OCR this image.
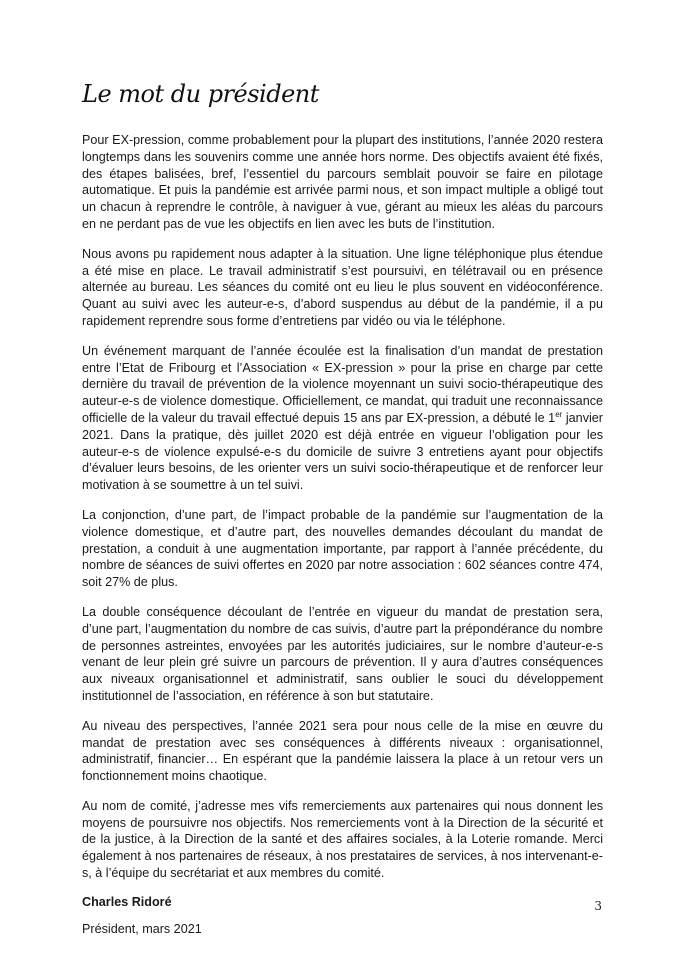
Le mot du président

Pour EX-pression, comme probablement pour la plupart des institutions, l’année 2020 restera longtemps dans les souvenirs comme une année hors norme. Des objectifs avaient été fixés, des étapes balisées, bref, l’essentiel du parcours semblait pouvoir se faire en pilotage automatique. Et puis la pandémie est arrivée parmi nous, et son impact multiple a obligé tout un chacun à reprendre le contrôle, à naviguer à vue, gérant au mieux les aléas du parcours en ne perdant pas de vue les objectifs en lien avec les buts de l’institution.

Nous avons pu rapidement nous adapter à la situation. Une ligne téléphonique plus étendue a été mise en place. Le travail administratif s’est poursuivi, en télétravail ou en présence alternée au bureau. Les séances du comité ont eu lieu le plus souvent en vidéoconférence. Quant au suivi avec les auteur-e-s, d’abord suspendus au début de la pandémie, il a pu rapidement reprendre sous forme d’entretiens par vidéo ou via le téléphone.

Un événement marquant de l’année écoulée est la finalisation d’un mandat de prestation entre l’Etat de Fribourg et l’Association « EX-pression » pour la prise en charge par cette dernière du travail de prévention de la violence moyennant un suivi socio-thérapeutique des auteur-e-s de violence domestique. Officiellement, ce mandat, qui traduit une reconnaissance officielle de la valeur du travail effectué depuis 15 ans par EX-pression, a débuté le 1er janvier 2021. Dans la pratique, dès juillet 2020 est déjà entrée en vigueur l’obligation pour les auteur-e-s de violence expulsé-e-s du domicile de suivre 3 entretiens ayant pour objectifs d’évaluer leurs besoins, de les orienter vers un suivi socio-thérapeutique et de renforcer leur motivation à se soumettre à un tel suivi.

La conjonction, d’une part, de l’impact probable de la pandémie sur l’augmentation de la violence domestique, et d’autre part, des nouvelles demandes découlant du mandat de prestation, a conduit à une augmentation importante, par rapport à l’année précédente, du nombre de séances de suivi offertes en 2020 par notre association : 602 séances contre 474, soit 27% de plus.

La double conséquence découlant de l’entrée en vigueur du mandat de prestation sera, d’une part, l’augmentation du nombre de cas suivis, d’autre part la prépondérance du nombre de personnes astreintes, envoyées par les autorités judiciaires, sur le nombre d’auteur-e-s venant de leur plein gré suivre un parcours de prévention. Il y aura d’autres conséquences aux niveaux organisationnel et administratif, sans oublier le souci du développement institutionnel de l’association, en référence à son but statutaire.

Au niveau des perspectives, l’année 2021 sera pour nous celle de la mise en œuvre du mandat de prestation avec ses conséquences à différents niveaux : organisationnel, administratif, financier… En espérant que la pandémie laissera la place à un retour vers un fonctionnement moins chaotique.

Au nom de comité, j’adresse mes vifs remerciements aux partenaires qui nous donnent les moyens de poursuivre nos objectifs. Nos remerciements vont à la Direction de la sécurité et de la justice, à la Direction de la santé et des affaires sociales, à la Loterie romande. Merci également à nos partenaires de réseaux, à nos prestataires de services, à nos intervenant-e-s, à l’équipe du secrétariat et aux membres du comité.

Charles Ridoré

Président, mars 2021

3
